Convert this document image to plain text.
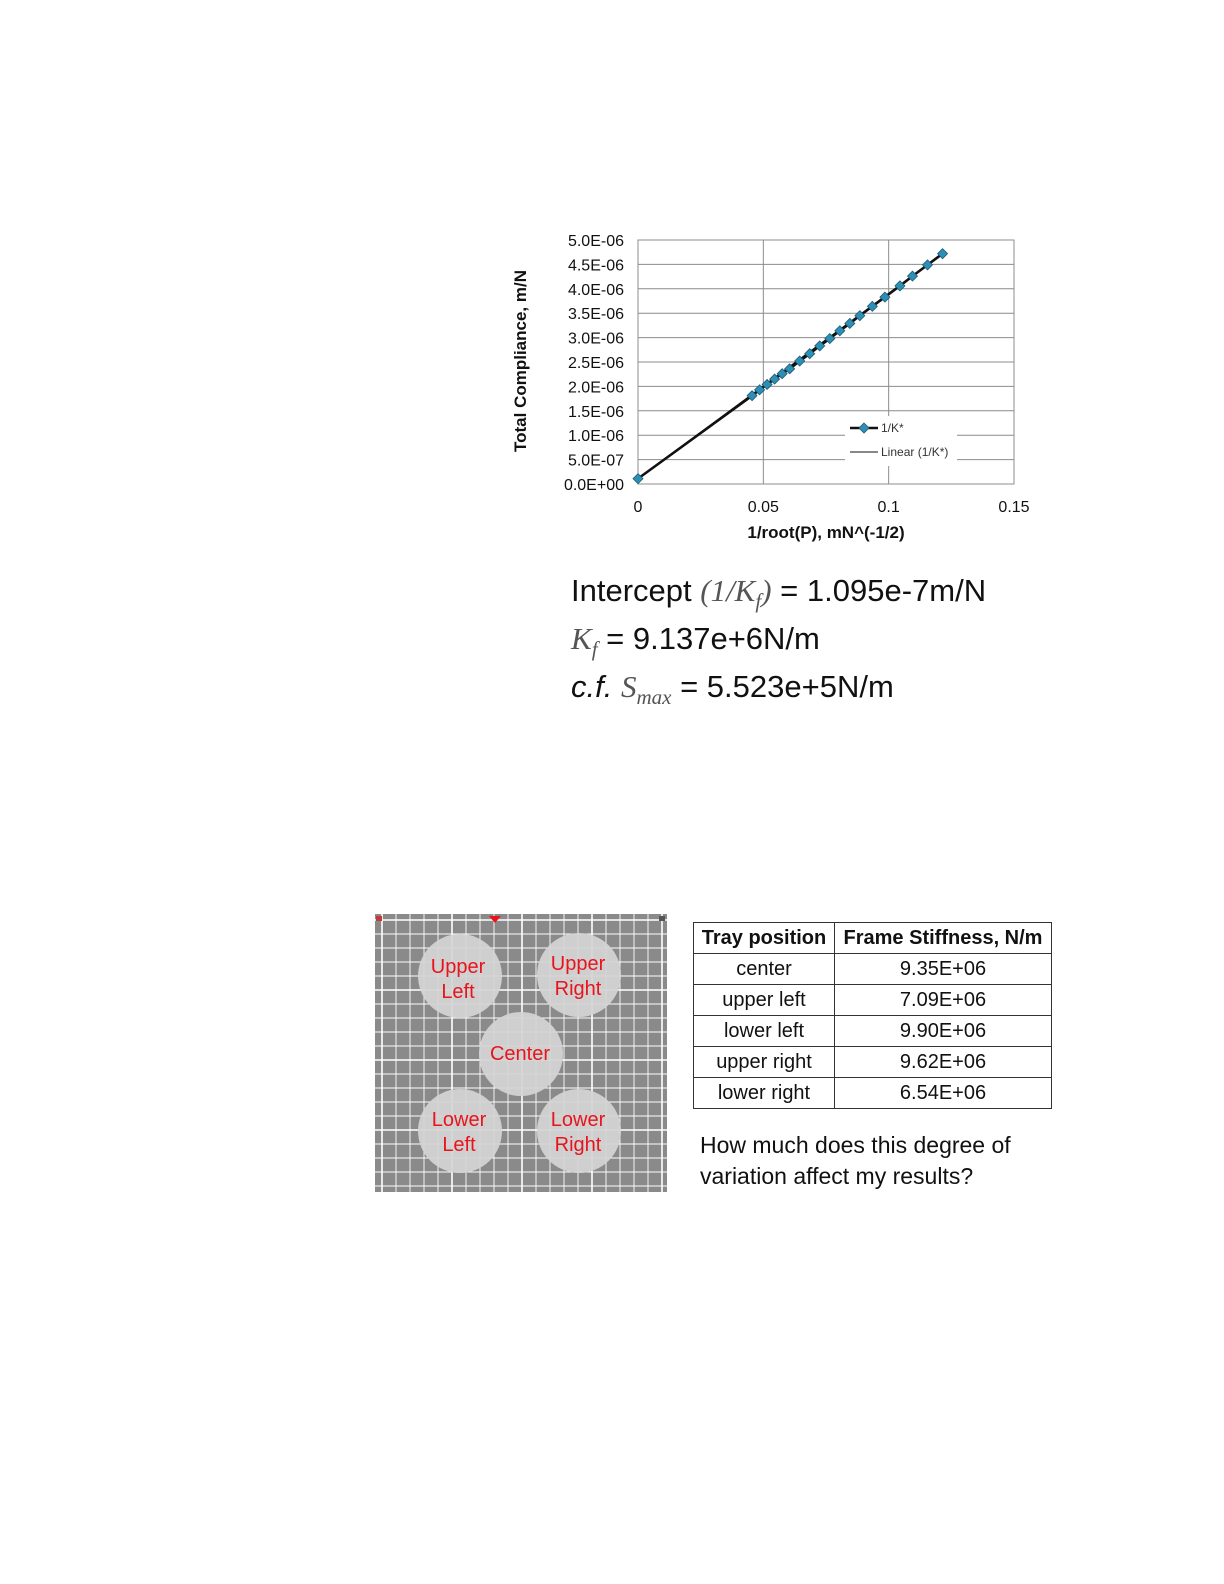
0.0E+00
5.0E-07
1.0E-06
1.5E-06
2.0E-06
2.5E-06
3.0E-06
3.5E-06
4.0E-06
4.5E-06
5.0E-06
0	0.05	0.1	0.15
Total Compliance, m/N
1/root(P), mN^(-1/2)
1/K*
Linear (1/K*)
Intercept $(1/K_f) = 1.095e-7m/N$
$K_f = 9.137e+6N/m$
c.f. $S_{max} = 5.523e+5N/m$
Upper
Left
Upper
Right
Center
Lower
Left
Lower
Right
Tray position	Frame Stiffness, N/m
center	9.35E+06
upper left	7.09E+06
lower left	9.90E+06
upper right	9.62E+06
lower right	6.54E+06
How much does this degree of variation affect my results?
